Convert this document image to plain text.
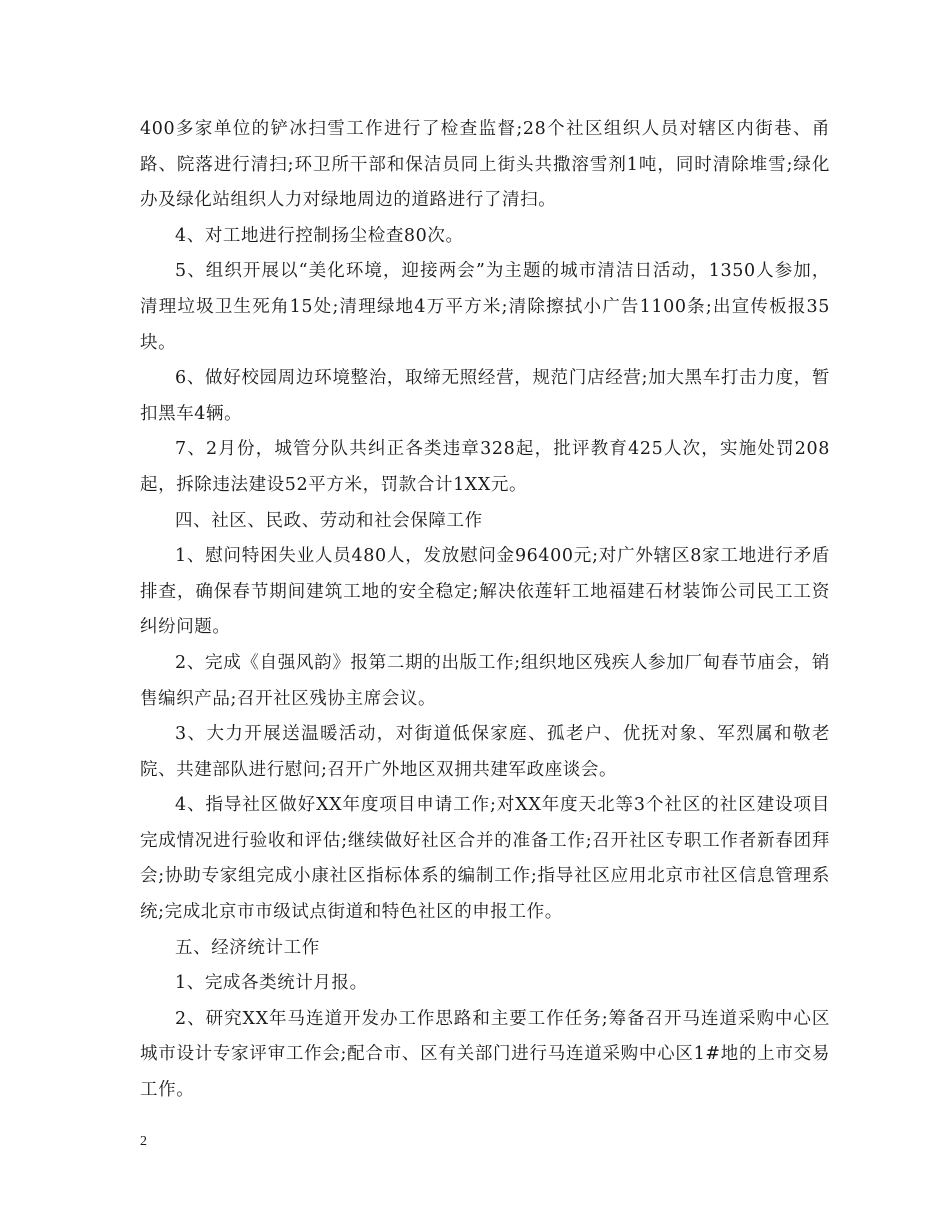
400多家单位的铲冰扫雪工作进行了检查监督;28个社区组织人员对辖区内街巷、甬路、院落进行清扫;环卫所干部和保洁员同上街头共撒溶雪剂1吨，同时清除堆雪;绿化办及绿化站组织人力对绿地周边的道路进行了清扫。

4、对工地进行控制扬尘检查80次。

5、组织开展以“美化环境，迎接两会”为主题的城市清洁日活动，1350人参加，清理垃圾卫生死角15处;清理绿地4万平方米;清除擦拭小广告1100条;出宣传板报35块。

6、做好校园周边环境整治，取缔无照经营，规范门店经营;加大黑车打击力度，暂扣黑车4辆。

7、2月份，城管分队共纠正各类违章328起，批评教育425人次，实施处罚208起，拆除违法建设52平方米，罚款合计1XX元。

四、社区、民政、劳动和社会保障工作

1、慰问特困失业人员480人，发放慰问金96400元;对广外辖区8家工地进行矛盾排查，确保春节期间建筑工地的安全稳定;解决依莲轩工地福建石材装饰公司民工工资纠纷问题。

2、完成《自强风韵》报第二期的出版工作;组织地区残疾人参加厂甸春节庙会，销售编织产品;召开社区残协主席会议。

3、大力开展送温暖活动，对街道低保家庭、孤老户、优抚对象、军烈属和敬老院、共建部队进行慰问;召开广外地区双拥共建军政座谈会。

4、指导社区做好XX年度项目申请工作;对XX年度天北等3个社区的社区建设项目完成情况进行验收和评估;继续做好社区合并的准备工作;召开社区专职工作者新春团拜会;协助专家组完成小康社区指标体系的编制工作;指导社区应用北京市社区信息管理系统;完成北京市市级试点街道和特色社区的申报工作。

五、经济统计工作

1、完成各类统计月报。

2、研究XX年马连道开发办工作思路和主要工作任务;筹备召开马连道采购中心区城市设计专家评审工作会;配合市、区有关部门进行马连道采购中心区1#地的上市交易工作。

2
